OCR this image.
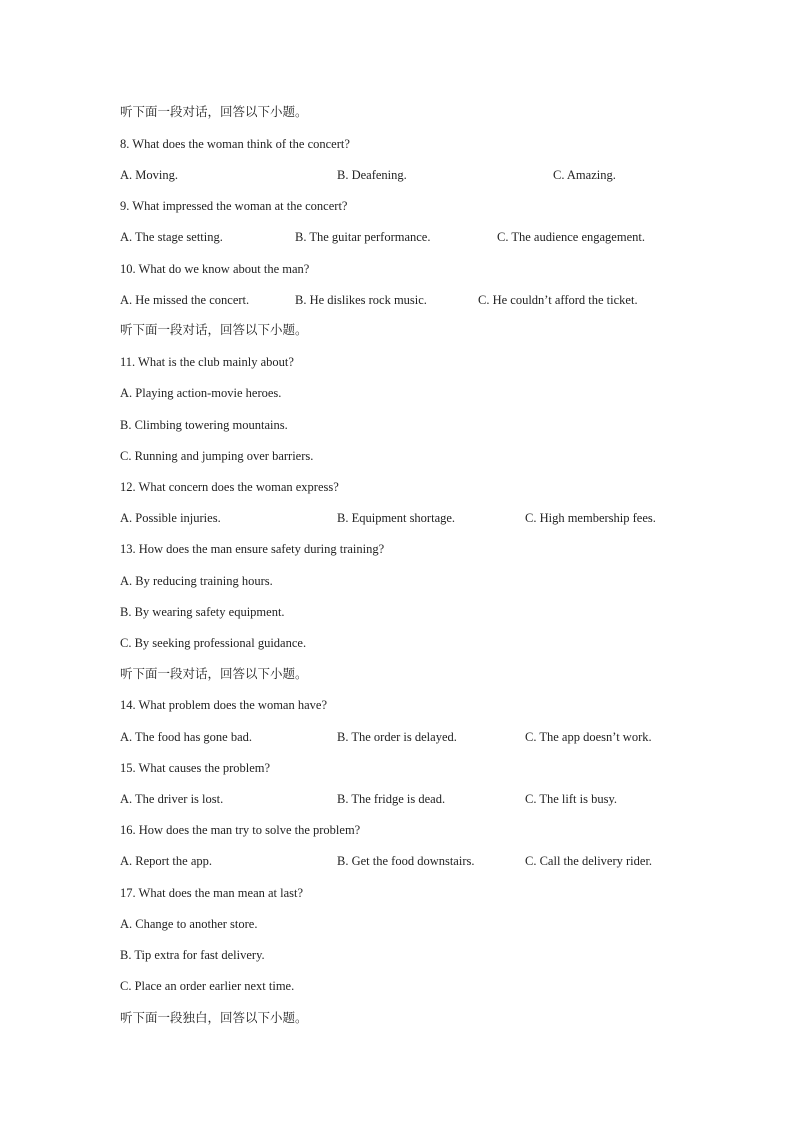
听下面一段对话，回答以下小题。
8. What does the woman think of the concert?
A. Moving.	B. Deafening.	C. Amazing.
9. What impressed the woman at the concert?
A. The stage setting.	B. The guitar performance.	C. The audience engagement.
10. What do we know about the man?
A. He missed the concert.	B. He dislikes rock music.	C. He couldn’t afford the ticket.
听下面一段对话，回答以下小题。
11. What is the club mainly about?
A. Playing action-movie heroes.
B. Climbing towering mountains.
C. Running and jumping over barriers.
12. What concern does the woman express?
A. Possible injuries.	B. Equipment shortage.	C. High membership fees.
13. How does the man ensure safety during training?
A. By reducing training hours.
B. By wearing safety equipment.
C. By seeking professional guidance.
听下面一段对话，回答以下小题。
14. What problem does the woman have?
A. The food has gone bad.	B. The order is delayed.	C. The app doesn’t work.
15. What causes the problem?
A. The driver is lost.	B. The fridge is dead.	C. The lift is busy.
16. How does the man try to solve the problem?
A. Report the app.	B. Get the food downstairs.	C. Call the delivery rider.
17. What does the man mean at last?
A. Change to another store.
B. Tip extra for fast delivery.
C. Place an order earlier next time.
听下面一段独白，回答以下小题。
